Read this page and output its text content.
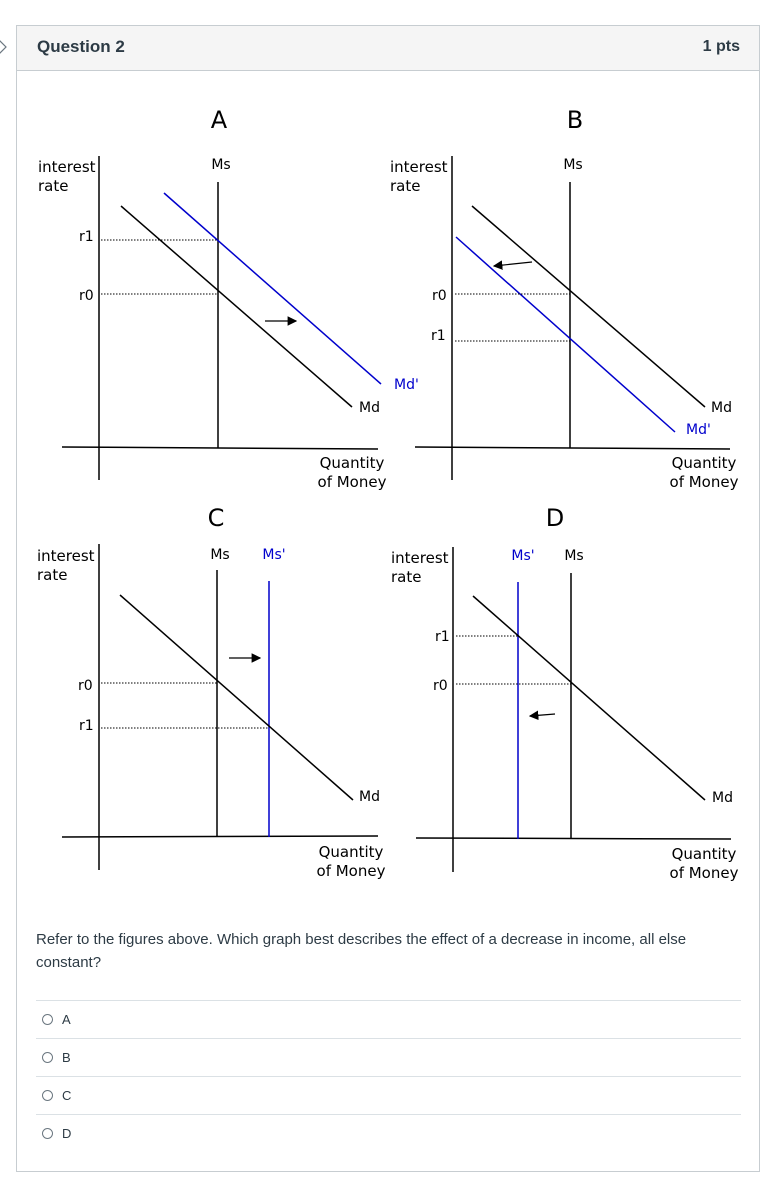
Question 2	1 pts
A
interest
rate
Ms
Md
Md'
r1
r0
Quantity
of Money
B
interest
rate
Ms
Md
Md'
r0
r1
Quantity
of Money
C
interest
rate
Ms Ms'
Md
r0
r1
Quantity
of Money
D
interest
rate
Ms
Ms'
Md
r1
r0
Quantity
of Money
Refer to the figures above. Which graph best describes the effect of a decrease in income, all else constant?
A
B
C
D
